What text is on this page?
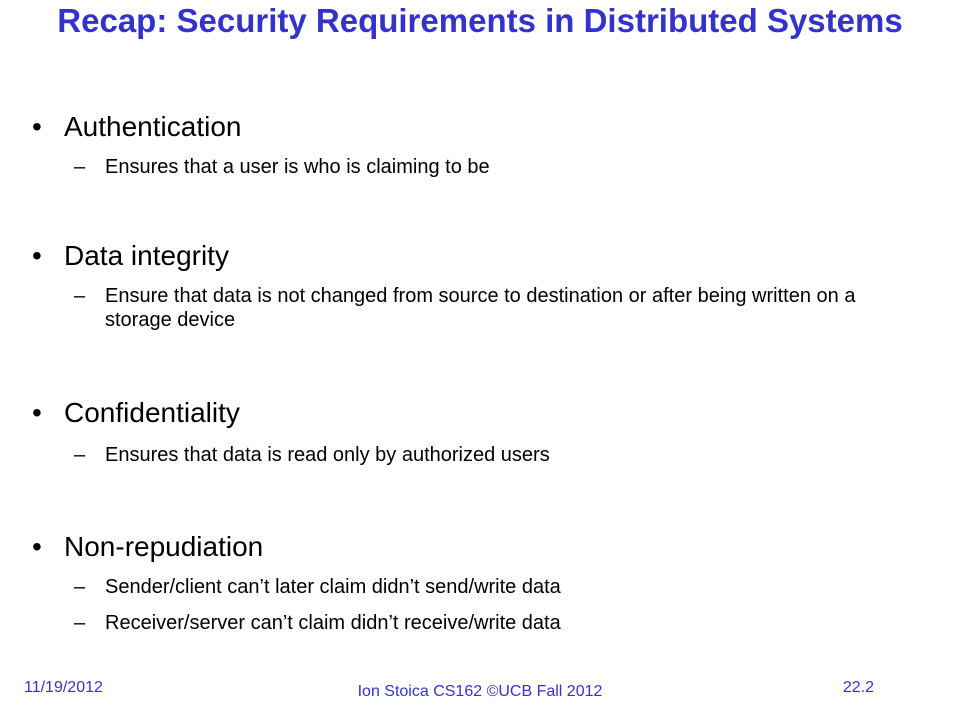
Recap: Security Requirements in Distributed Systems
• Authentication
– Ensures that a user is who is claiming to be
• Data integrity
– Ensure that data is not changed from source to destination or after being written on a storage device
• Confidentiality
– Ensures that data is read only by authorized users
• Non-repudiation
– Sender/client can’t later claim didn’t send/write data
– Receiver/server can’t claim didn’t receive/write data
11/19/2012	Ion Stoica CS162 ©UCB Fall 2012	22.2
